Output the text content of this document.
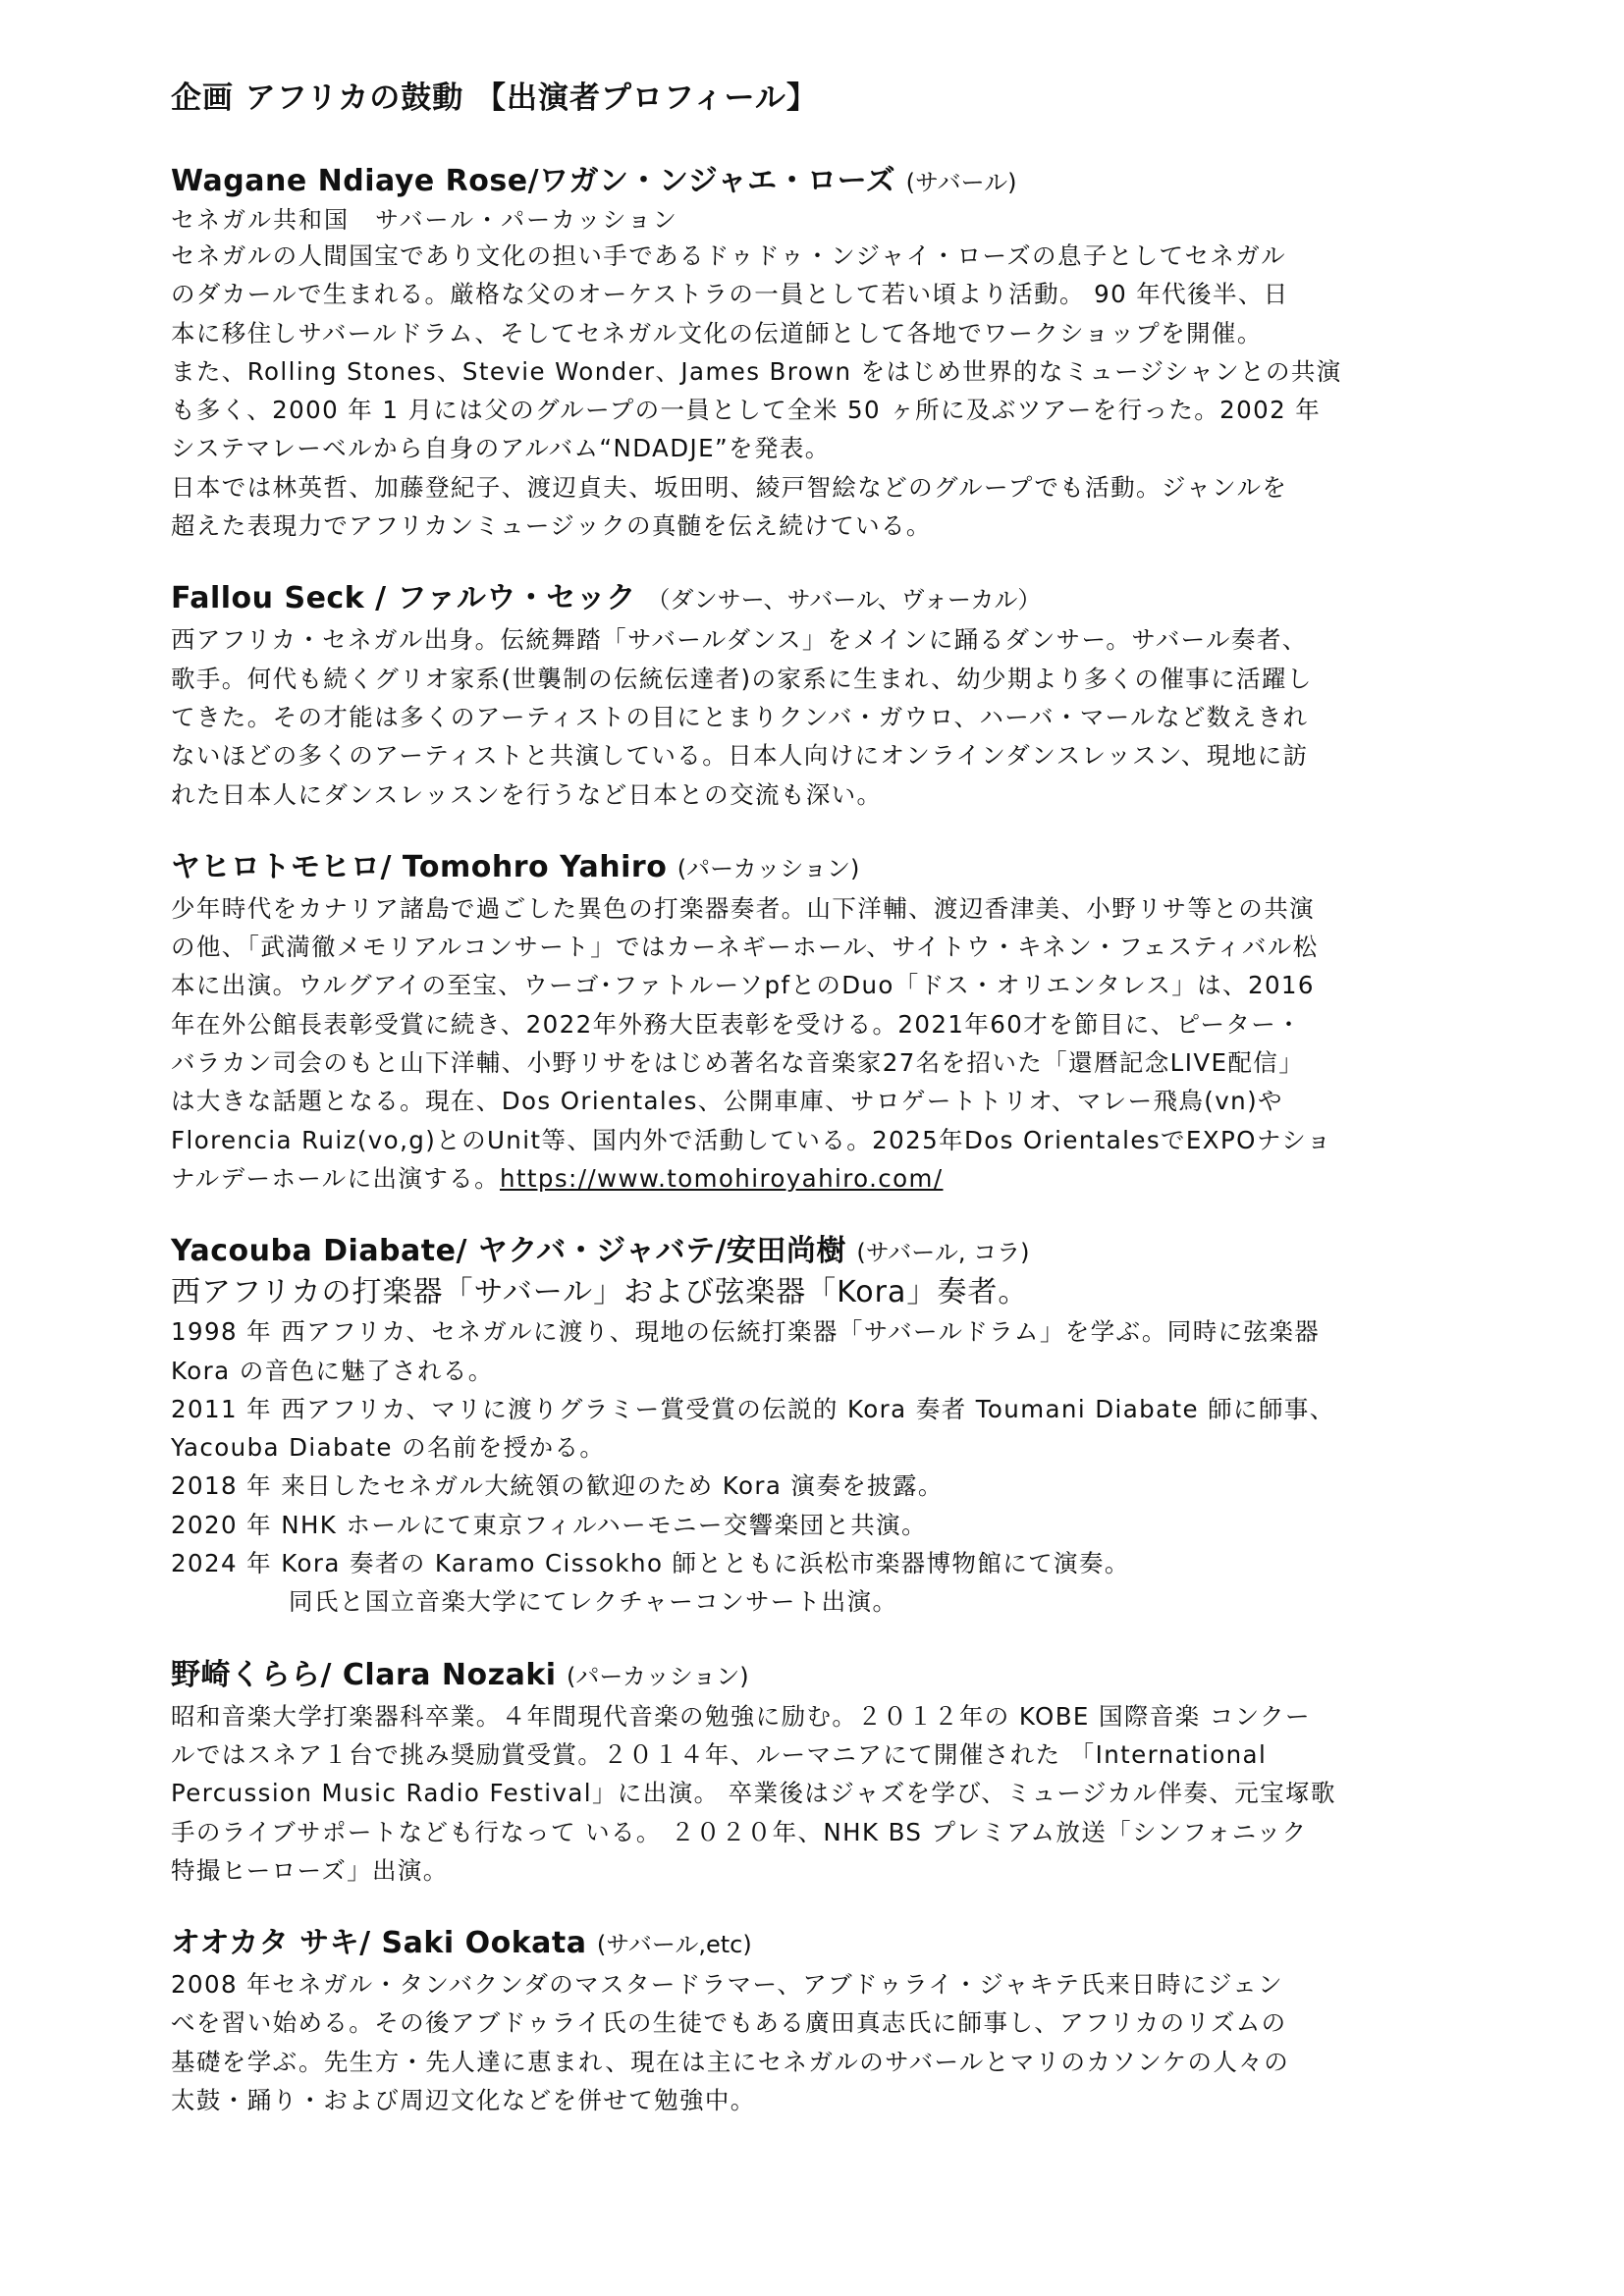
企画 アフリカの鼓動 【出演者プロフィール】
Wagane Ndiaye Rose/ワガン・ンジャエ・ローズ (サバール)

セネガル共和国　サバール・パーカッション

セネガルの人間国宝であり文化の担い手であるドゥドゥ・ンジャイ・ローズの息子としてセネガル
のダカールで生まれる。厳格な父のオーケストラの一員として若い頃より活動。 90 年代後半、日
本に移住しサバールドラム、そしてセネガル文化の伝道師として各地でワークショップを開催。
また、Rolling Stones、Stevie Wonder、James Brown をはじめ世界的なミュージシャンとの共演
も多く、2000 年 1 月には父のグループの一員として全米 50 ヶ所に及ぶツアーを行った。2002 年
システマレーベルから自身のアルバム“NDADJE”を発表。
日本では林英哲、加藤登紀子、渡辺貞夫、坂田明、綾戸智絵などのグループでも活動。ジャンルを
超えた表現力でアフリカンミュージックの真髄を伝え続けている。

Fallou Seck / ファルウ・セック （ダンサー、サバール、ヴォーカル）

西アフリカ・セネガル出身。伝統舞踏「サバールダンス」をメインに踊るダンサー。サバール奏者、
歌手。何代も続くグリオ家系(世襲制の伝統伝達者)の家系に生まれ、幼少期より多くの催事に活躍し
てきた。その才能は多くのアーティストの目にとまりクンバ・ガウロ、ハーバ・マールなど数えきれ
ないほどの多くのアーティストと共演している。日本人向けにオンラインダンスレッスン、現地に訪
れた日本人にダンスレッスンを行うなど日本との交流も深い。

ヤヒロトモヒロ/ Tomohro Yahiro (パーカッション)

少年時代をカナリア諸島で過ごした異色の打楽器奏者。山下洋輔、渡辺香津美、小野リサ等との共演
の他、「武満徹メモリアルコンサート」ではカーネギーホール、サイトウ・キネン・フェスティバル松
本に出演。ウルグアイの至宝、ウーゴ･ファトルーソpfとのDuo「ドス・オリエンタレス」は、2016
年在外公館長表彰受賞に続き、2022年外務大臣表彰を受ける。2021年60才を節目に、ピーター・
バラカン司会のもと山下洋輔、小野リサをはじめ著名な音楽家27名を招いた「還暦記念LIVE配信」
は大きな話題となる。現在、Dos Orientales、公開車庫、サロゲートトリオ、マレー飛鳥(vn)や
Florencia Ruiz(vo,g)とのUnit等、国内外で活動している。2025年Dos OrientalesでEXPOナショ
ナルデーホールに出演する。https://www.tomohiroyahiro.com/

Yacouba Diabate/ ヤクバ・ジャバテ/安田尚樹 (サバール, コラ)

西アフリカの打楽器「サバール」および弦楽器「Kora」奏者。

1998 年 西アフリカ、セネガルに渡り、現地の伝統打楽器「サバールドラム」を学ぶ。同時に弦楽器
Kora の音色に魅了される。
2011 年 西アフリカ、マリに渡りグラミー賞受賞の伝説的 Kora 奏者 Toumani Diabate 師に師事、
Yacouba Diabate の名前を授かる。
2018 年 来日したセネガル大統領の歓迎のため Kora 演奏を披露。
2020 年 NHK ホールにて東京フィルハーモニー交響楽団と共演。
2024 年 Kora 奏者の Karamo Cissokho 師とともに浜松市楽器博物館にて演奏。
同氏と国立音楽大学にてレクチャーコンサート出演。

野崎くらら/ Clara Nozaki (パーカッション)

昭和音楽大学打楽器科卒業。４年間現代音楽の勉強に励む。２０１２年の KOBE 国際音楽 コンクー
ルではスネア１台で挑み奨励賞受賞。２０１４年、ルーマニアにて開催された 「International
Percussion Music Radio Festival」に出演。 卒業後はジャズを学び、ミュージカル伴奏、元宝塚歌
手のライブサポートなども行なって いる。 ２０２０年、NHK BS プレミアム放送「シンフォニック
特撮ヒーローズ」出演。

オオカタ サキ/ Saki Ookata (サバール,etc)

2008 年セネガル・タンバクンダのマスタードラマー、アブドゥライ・ジャキテ氏来日時にジェン
べを習い始める。その後アブドゥライ氏の生徒でもある廣田真志氏に師事し、アフリカのリズムの
基礎を学ぶ。先生方・先人達に恵まれ、現在は主にセネガルのサバールとマリのカソンケの人々の
太鼓・踊り・および周辺文化などを併せて勉強中。
